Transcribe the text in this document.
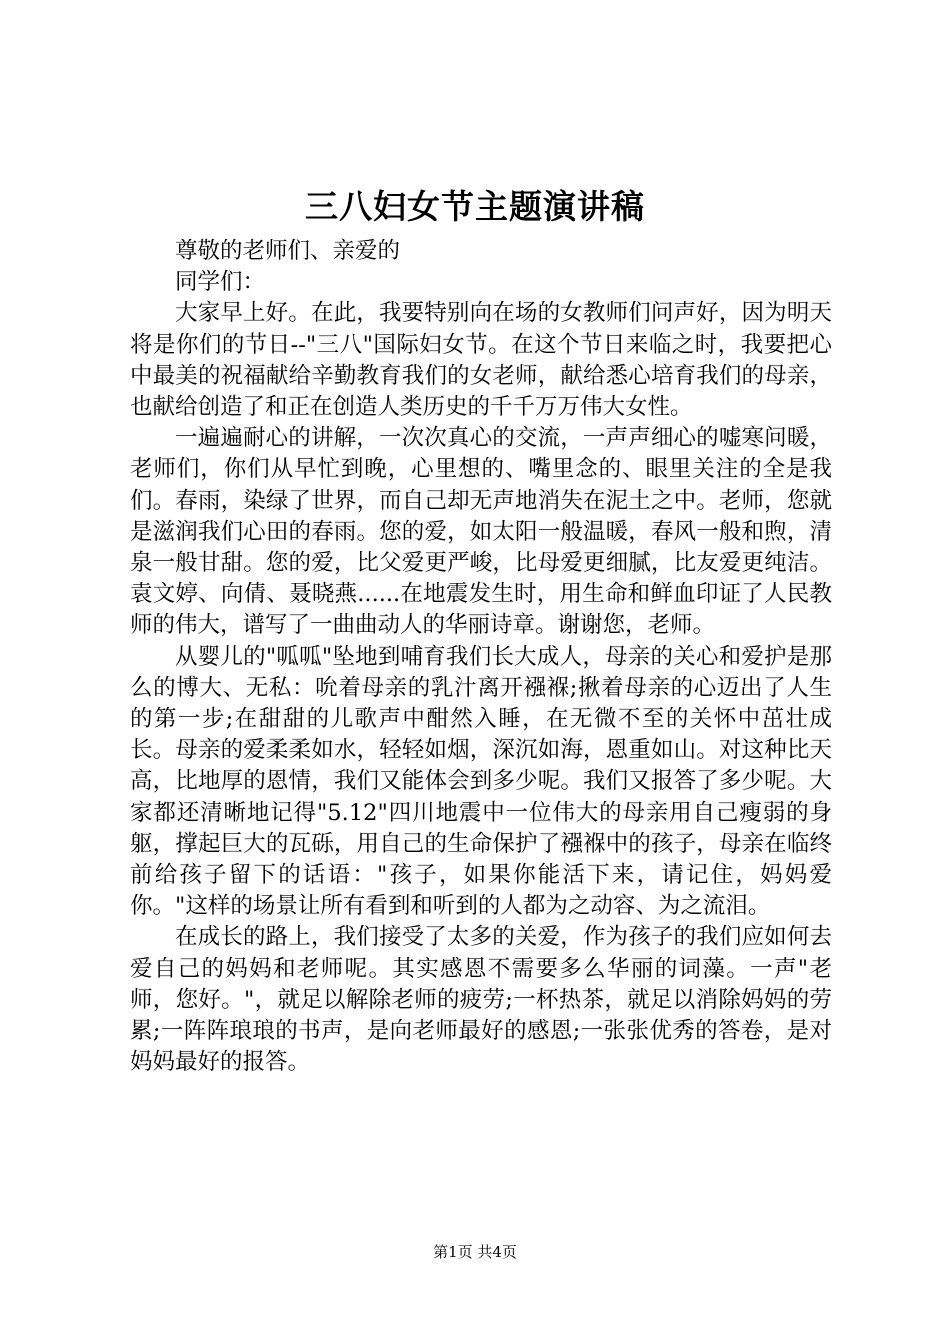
三八妇女节主题演讲稿

尊敬的老师们、亲爱的

同学们：

大家早上好。在此，我要特别向在场的女教师们问声好，因为明天将是你们的节日--"三八"国际妇女节。在这个节日来临之时，我要把心中最美的祝福献给辛勤教育我们的女老师，献给悉心培育我们的母亲，也献给创造了和正在创造人类历史的千千万万伟大女性。

一遍遍耐心的讲解，一次次真心的交流，一声声细心的嘘寒问暖，老师们，你们从早忙到晚，心里想的、嘴里念的、眼里关注的全是我们。春雨，染绿了世界，而自己却无声地消失在泥土之中。老师，您就是滋润我们心田的春雨。您的爱，如太阳一般温暖，春风一般和煦，清泉一般甘甜。您的爱，比父爱更严峻，比母爱更细腻，比友爱更纯洁。袁文婷、向倩、聂晓燕......在地震发生时，用生命和鲜血印证了人民教师的伟大，谱写了一曲曲动人的华丽诗章。谢谢您，老师。

从婴儿的"呱呱"坠地到哺育我们长大成人，母亲的关心和爱护是那么的博大、无私：吮着母亲的乳汁离开襁褓;揪着母亲的心迈出了人生的第一步;在甜甜的儿歌声中酣然入睡，在无微不至的关怀中茁壮成长。母亲的爱柔柔如水，轻轻如烟，深沉如海，恩重如山。对这种比天高，比地厚的恩情，我们又能体会到多少呢。我们又报答了多少呢。大家都还清晰地记得"5.12"四川地震中一位伟大的母亲用自己瘦弱的身躯，撑起巨大的瓦砾，用自己的生命保护了襁褓中的孩子，母亲在临终前给孩子留下的话语："孩子，如果你能活下来，请记住，妈妈爱你。"这样的场景让所有看到和听到的人都为之动容、为之流泪。

在成长的路上，我们接受了太多的关爱，作为孩子的我们应如何去爱自己的妈妈和老师呢。其实感恩不需要多么华丽的词藻。一声"老师，您好。"，就足以解除老师的疲劳;一杯热茶，就足以消除妈妈的劳累;一阵阵琅琅的书声，是向老师最好的感恩;一张张优秀的答卷，是对妈妈最好的报答。

第1页 共4页
